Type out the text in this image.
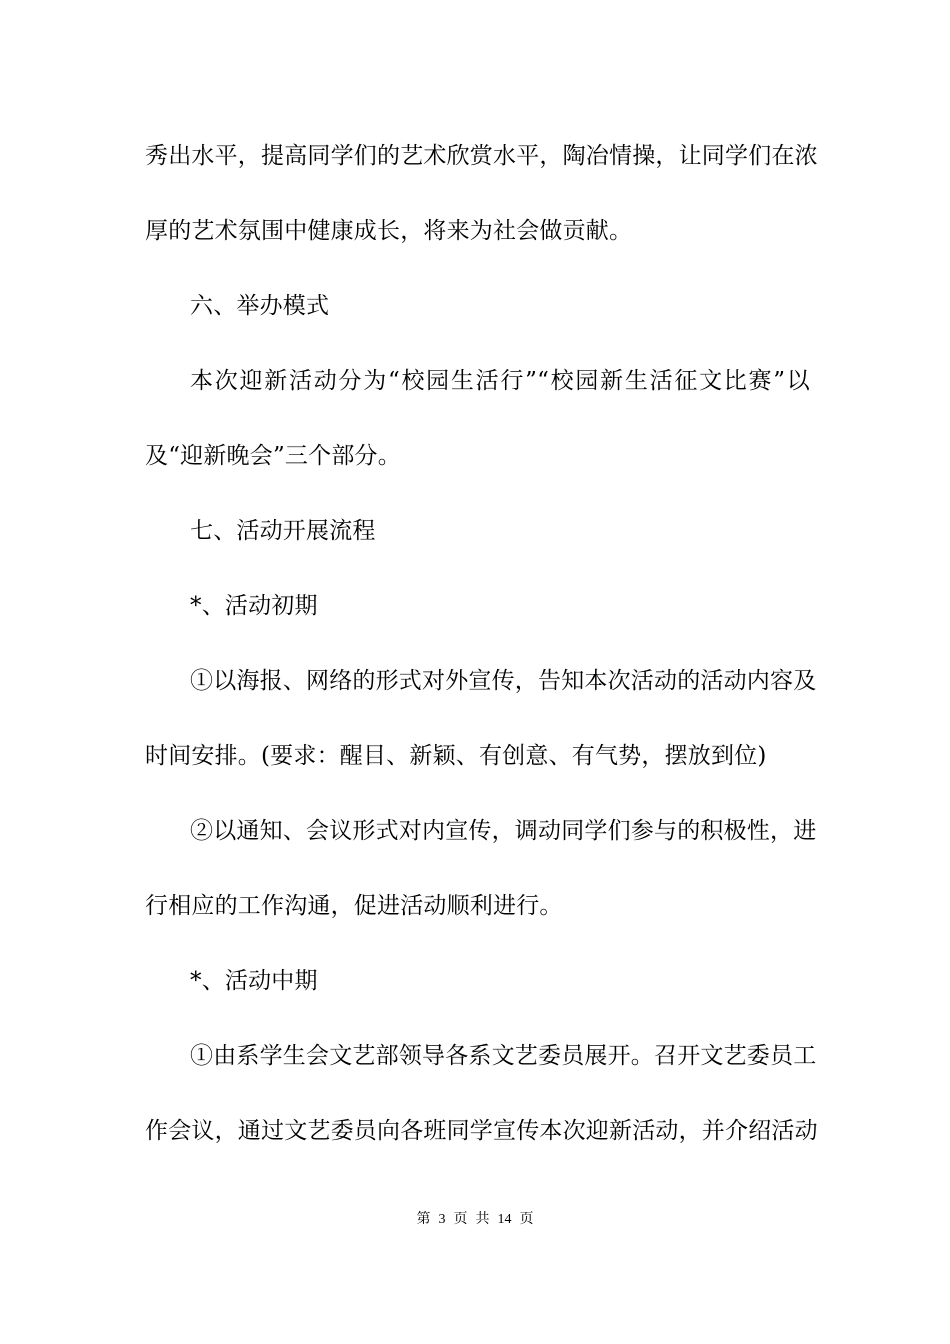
秀出水平，提高同学们的艺术欣赏水平，陶冶情操，让同学们在浓
厚的艺术氛围中健康成长，将来为社会做贡献。
六、举办模式
本次迎新活动分为“校园生活行”“校园新生活征文比赛”以
及“迎新晚会”三个部分。
七、活动开展流程
*、活动初期
①以海报、网络的形式对外宣传，告知本次活动的活动内容及
时间安排。(要求：醒目、新颖、有创意、有气势，摆放到位)
②以通知、会议形式对内宣传，调动同学们参与的积极性，进
行相应的工作沟通，促进活动顺利进行。
*、活动中期
①由系学生会文艺部领导各系文艺委员展开。召开文艺委员工
作会议，通过文艺委员向各班同学宣传本次迎新活动，并介绍活动
第 3 页 共 14 页
